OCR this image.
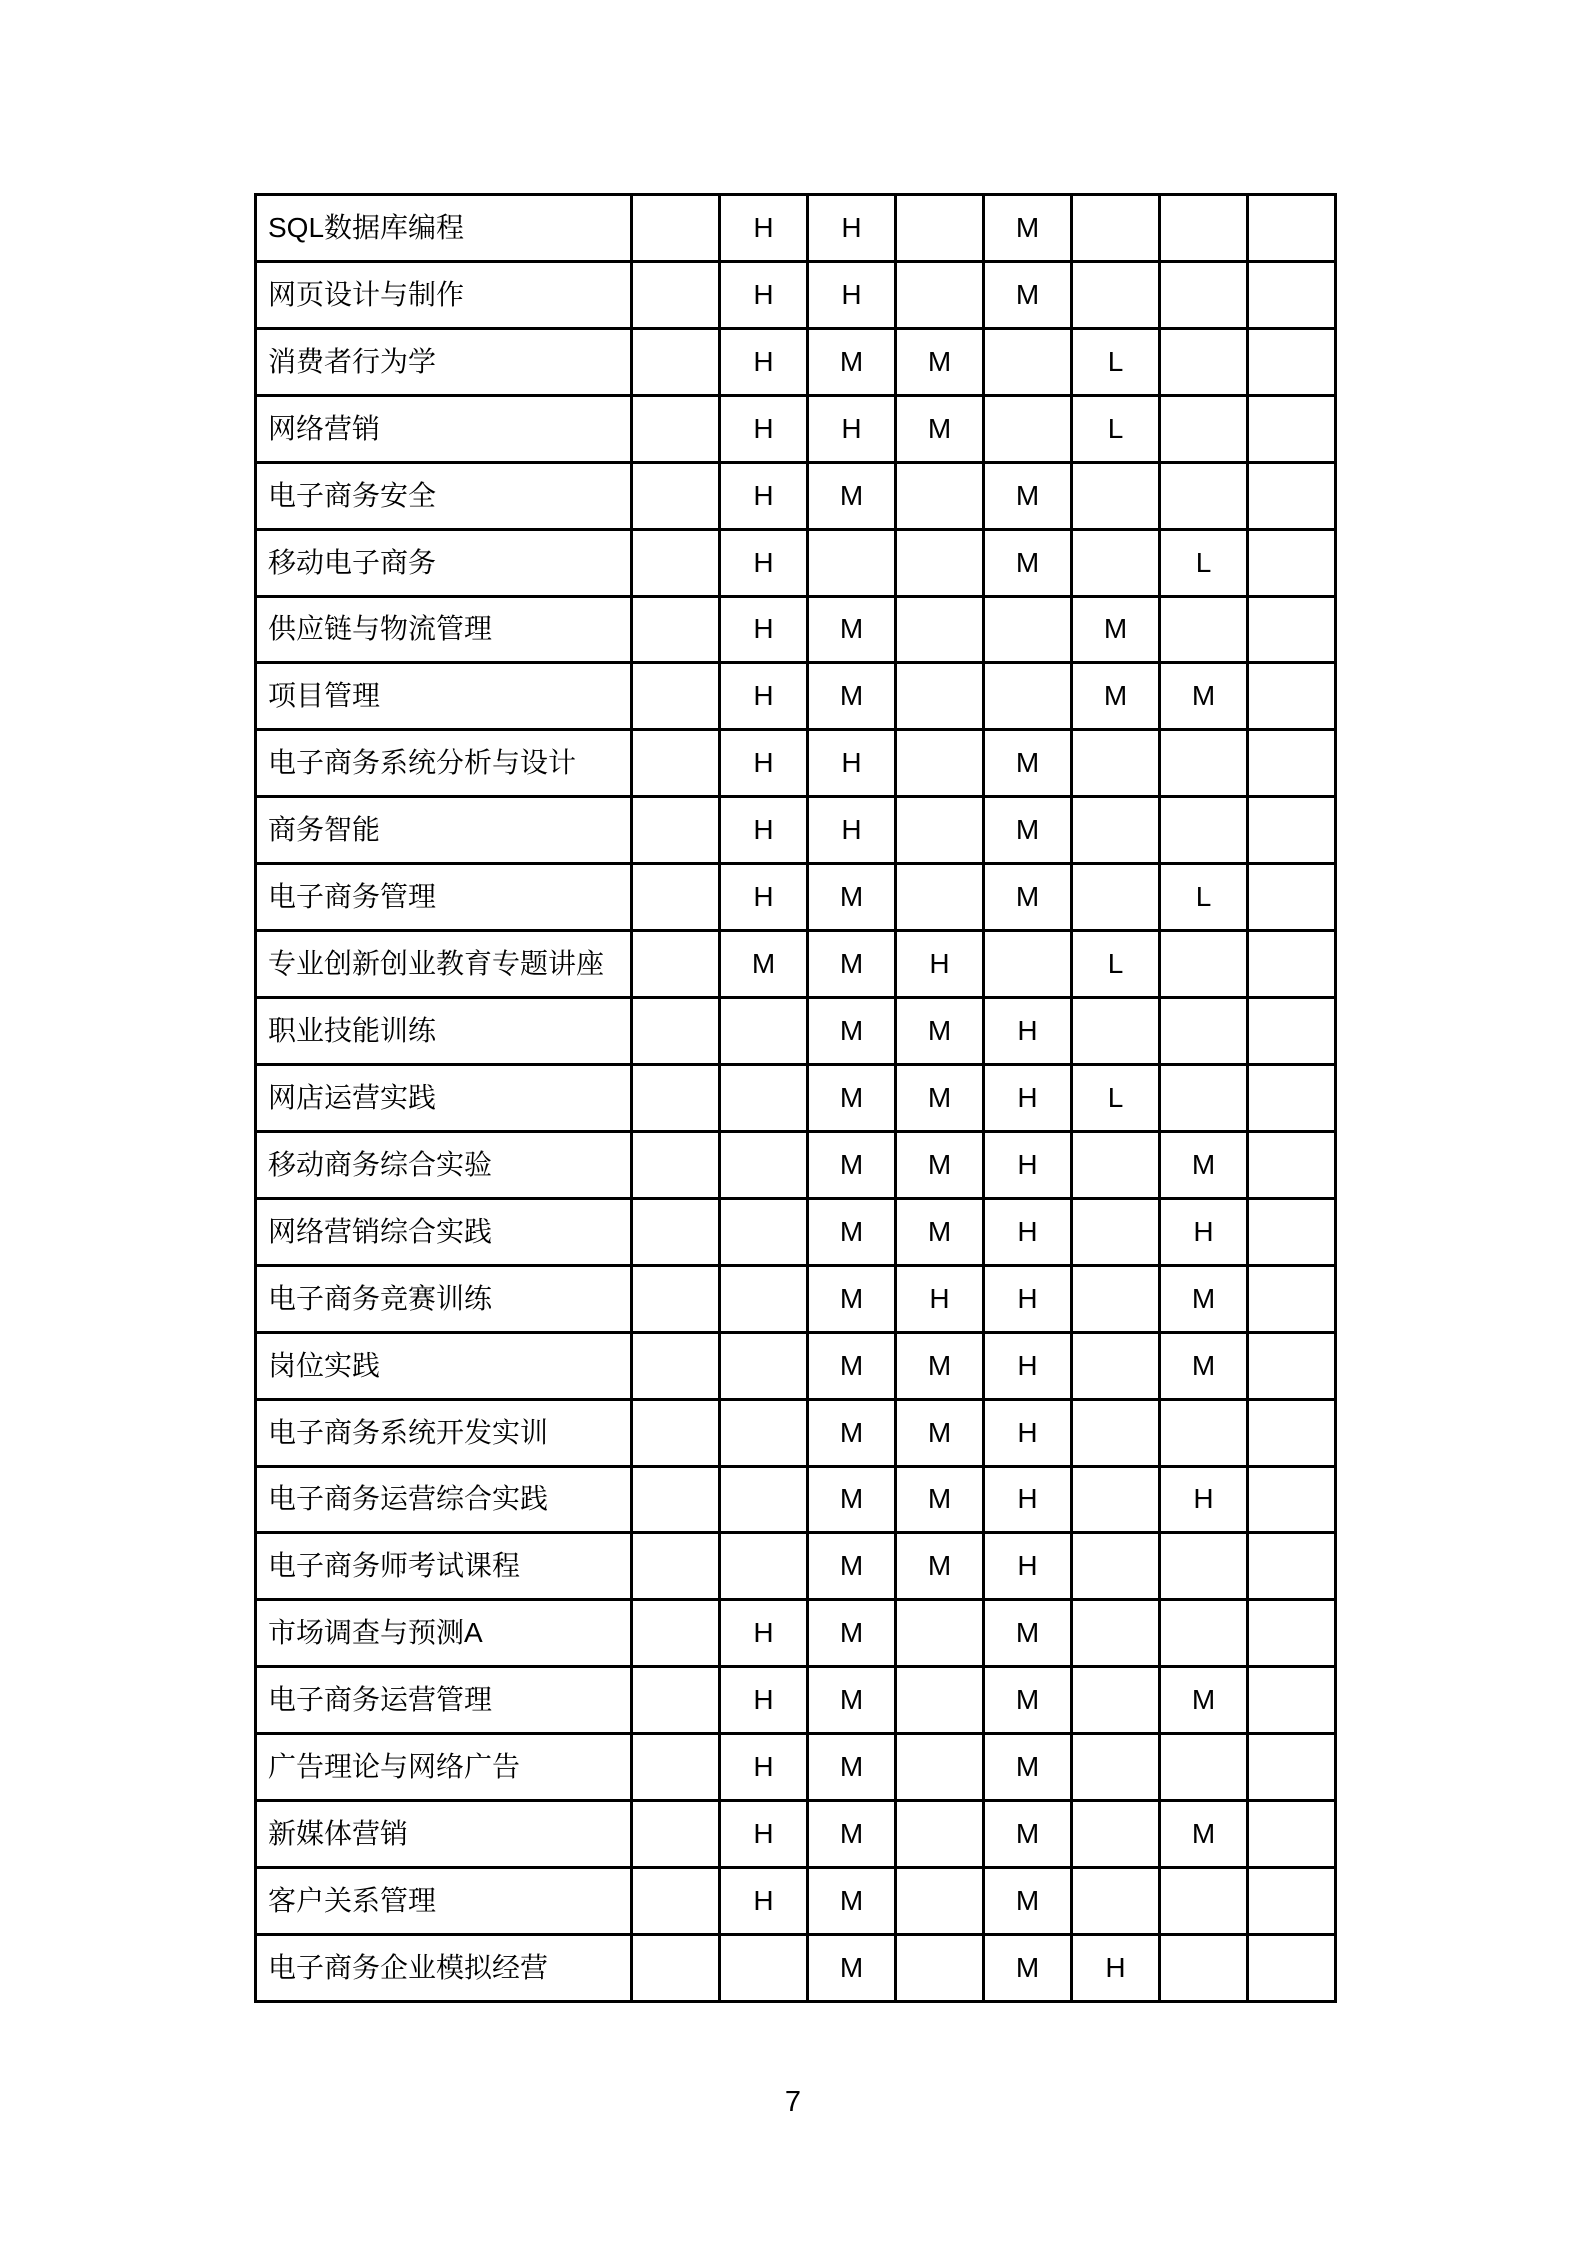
SQL数据库编程		H	H		M			
网页设计与制作		H	H		M			
消费者行为学		H	M	M		L		
网络营销		H	H	M		L		
电子商务安全		H	M		M			
移动电子商务		H			M		L	
供应链与物流管理		H	M			M		
项目管理		H	M			M	M	
电子商务系统分析与设计		H	H		M			
商务智能		H	H		M			
电子商务管理		H	M		M		L	
专业创新创业教育专题讲座		M	M	H		L		
职业技能训练			M	M	H			
网店运营实践			M	M	H	L		
移动商务综合实验			M	M	H		M	
网络营销综合实践			M	M	H		H	
电子商务竞赛训练			M	H	H		M	
岗位实践			M	M	H		M	
电子商务系统开发实训			M	M	H			
电子商务运营综合实践			M	M	H		H	
电子商务师考试课程			M	M	H			
市场调查与预测A		H	M		M			
电子商务运营管理		H	M		M		M	
广告理论与网络广告		H	M		M			
新媒体营销		H	M		M		M	
客户关系管理		H	M		M			
电子商务企业模拟经营			M		M	H		
7
